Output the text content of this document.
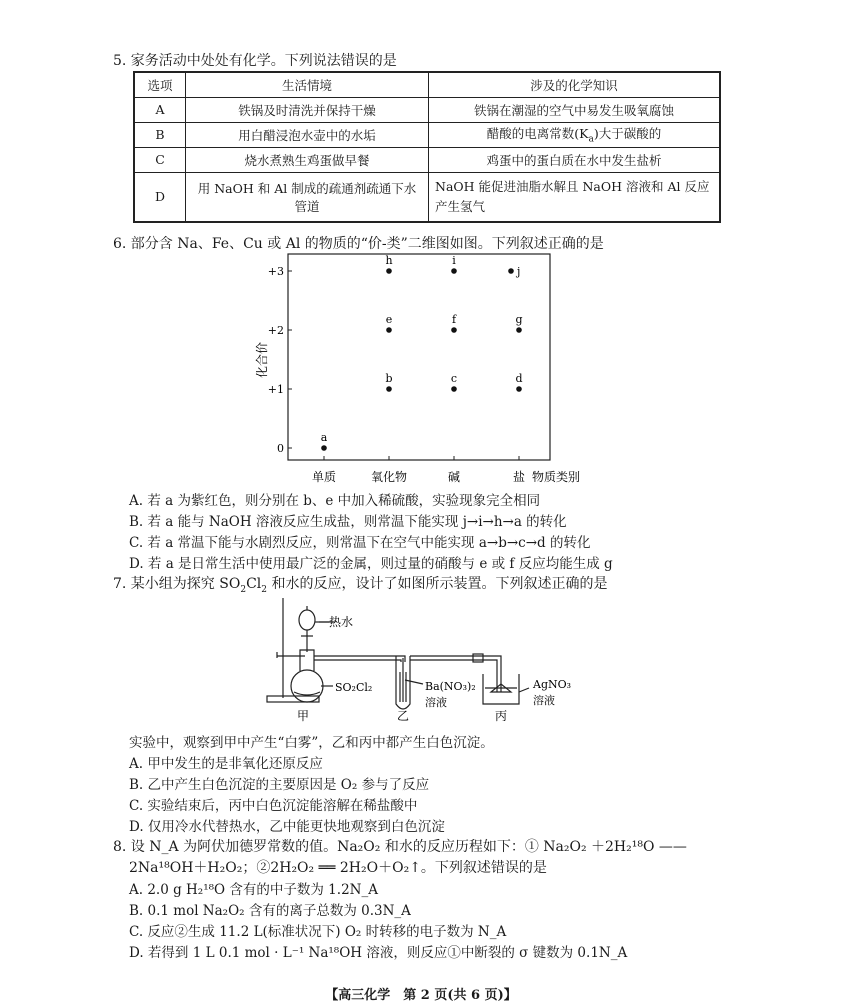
5. 家务活动中处处有化学。下列说法错误的是
选项	生活情境	涉及的化学知识
A	铁锅及时清洗并保持干燥	铁锅在潮湿的空气中易发生吸氧腐蚀
B	用白醋浸泡水壶中的水垢	醋酸的电离常数$(K_a)$大于碳酸的
C	烧水煮熟生鸡蛋做早餐	鸡蛋中的蛋白质在水中发生盐析
D	用 NaOH 和 Al 制成的疏通剂疏通下水管道	NaOH 能促进油脂水解且 NaOH 溶液和 Al 反应产生氢气
6. 部分含 Na、Fe、Cu 或 Al 的物质的“价-类”二维图如图。下列叙述正确的是
化合价
+3
+2
+1
0
单质	氧化物	碱	盐 物质类别
a
b	c	d
e	f	g
h	i
j
A. 若 a 为紫红色，则分别在 b、e 中加入稀硫酸，实验现象完全相同
B. 若 a 能与 NaOH 溶液反应生成盐，则常温下能实现 j→i→h→a 的转化
C. 若 a 常温下能与水剧烈反应，则常温下在空气中能实现 a→b→c→d 的转化
D. 若 a 是日常生活中使用最广泛的金属，则过量的硝酸与 e 或 f 反应均能生成 g
7. 某小组为探究 $SO_2Cl_2$ 和水的反应，设计了如图所示装置。下列叙述正确的是
热水
SO₂Cl₂	Ba(NO₃)₂
溶液
AgNO₃
溶液
甲	乙	丙
实验中，观察到甲中产生“白雾”，乙和丙中都产生白色沉淀。
A. 甲中发生的是非氧化还原反应
B. 乙中产生白色沉淀的主要原因是 O₂ 参与了反应
C. 实验结束后，丙中白色沉淀能溶解在稀盐酸中
D. 仅用冷水代替热水，乙中能更快地观察到白色沉淀
8. 设 N_A 为阿伏加德罗常数的值。Na₂O₂ 和水的反应历程如下：① Na₂O₂ ＋2H₂¹⁸O ——
2Na¹⁸OH＋H₂O₂；②2H₂O₂ ══ 2H₂O＋O₂↑。下列叙述错误的是
A. 2.0 g H₂¹⁸O 含有的中子数为 1.2N_A
B. 0.1 mol Na₂O₂ 含有的离子总数为 0.3N_A
C. 反应②生成 11.2 L(标准状况下) O₂ 时转移的电子数为 N_A
D. 若得到 1 L 0.1 mol · L⁻¹ Na¹⁸OH 溶液，则反应①中断裂的 σ 键数为 0.1N_A
【高三化学　第 2 页(共 6 页)】
